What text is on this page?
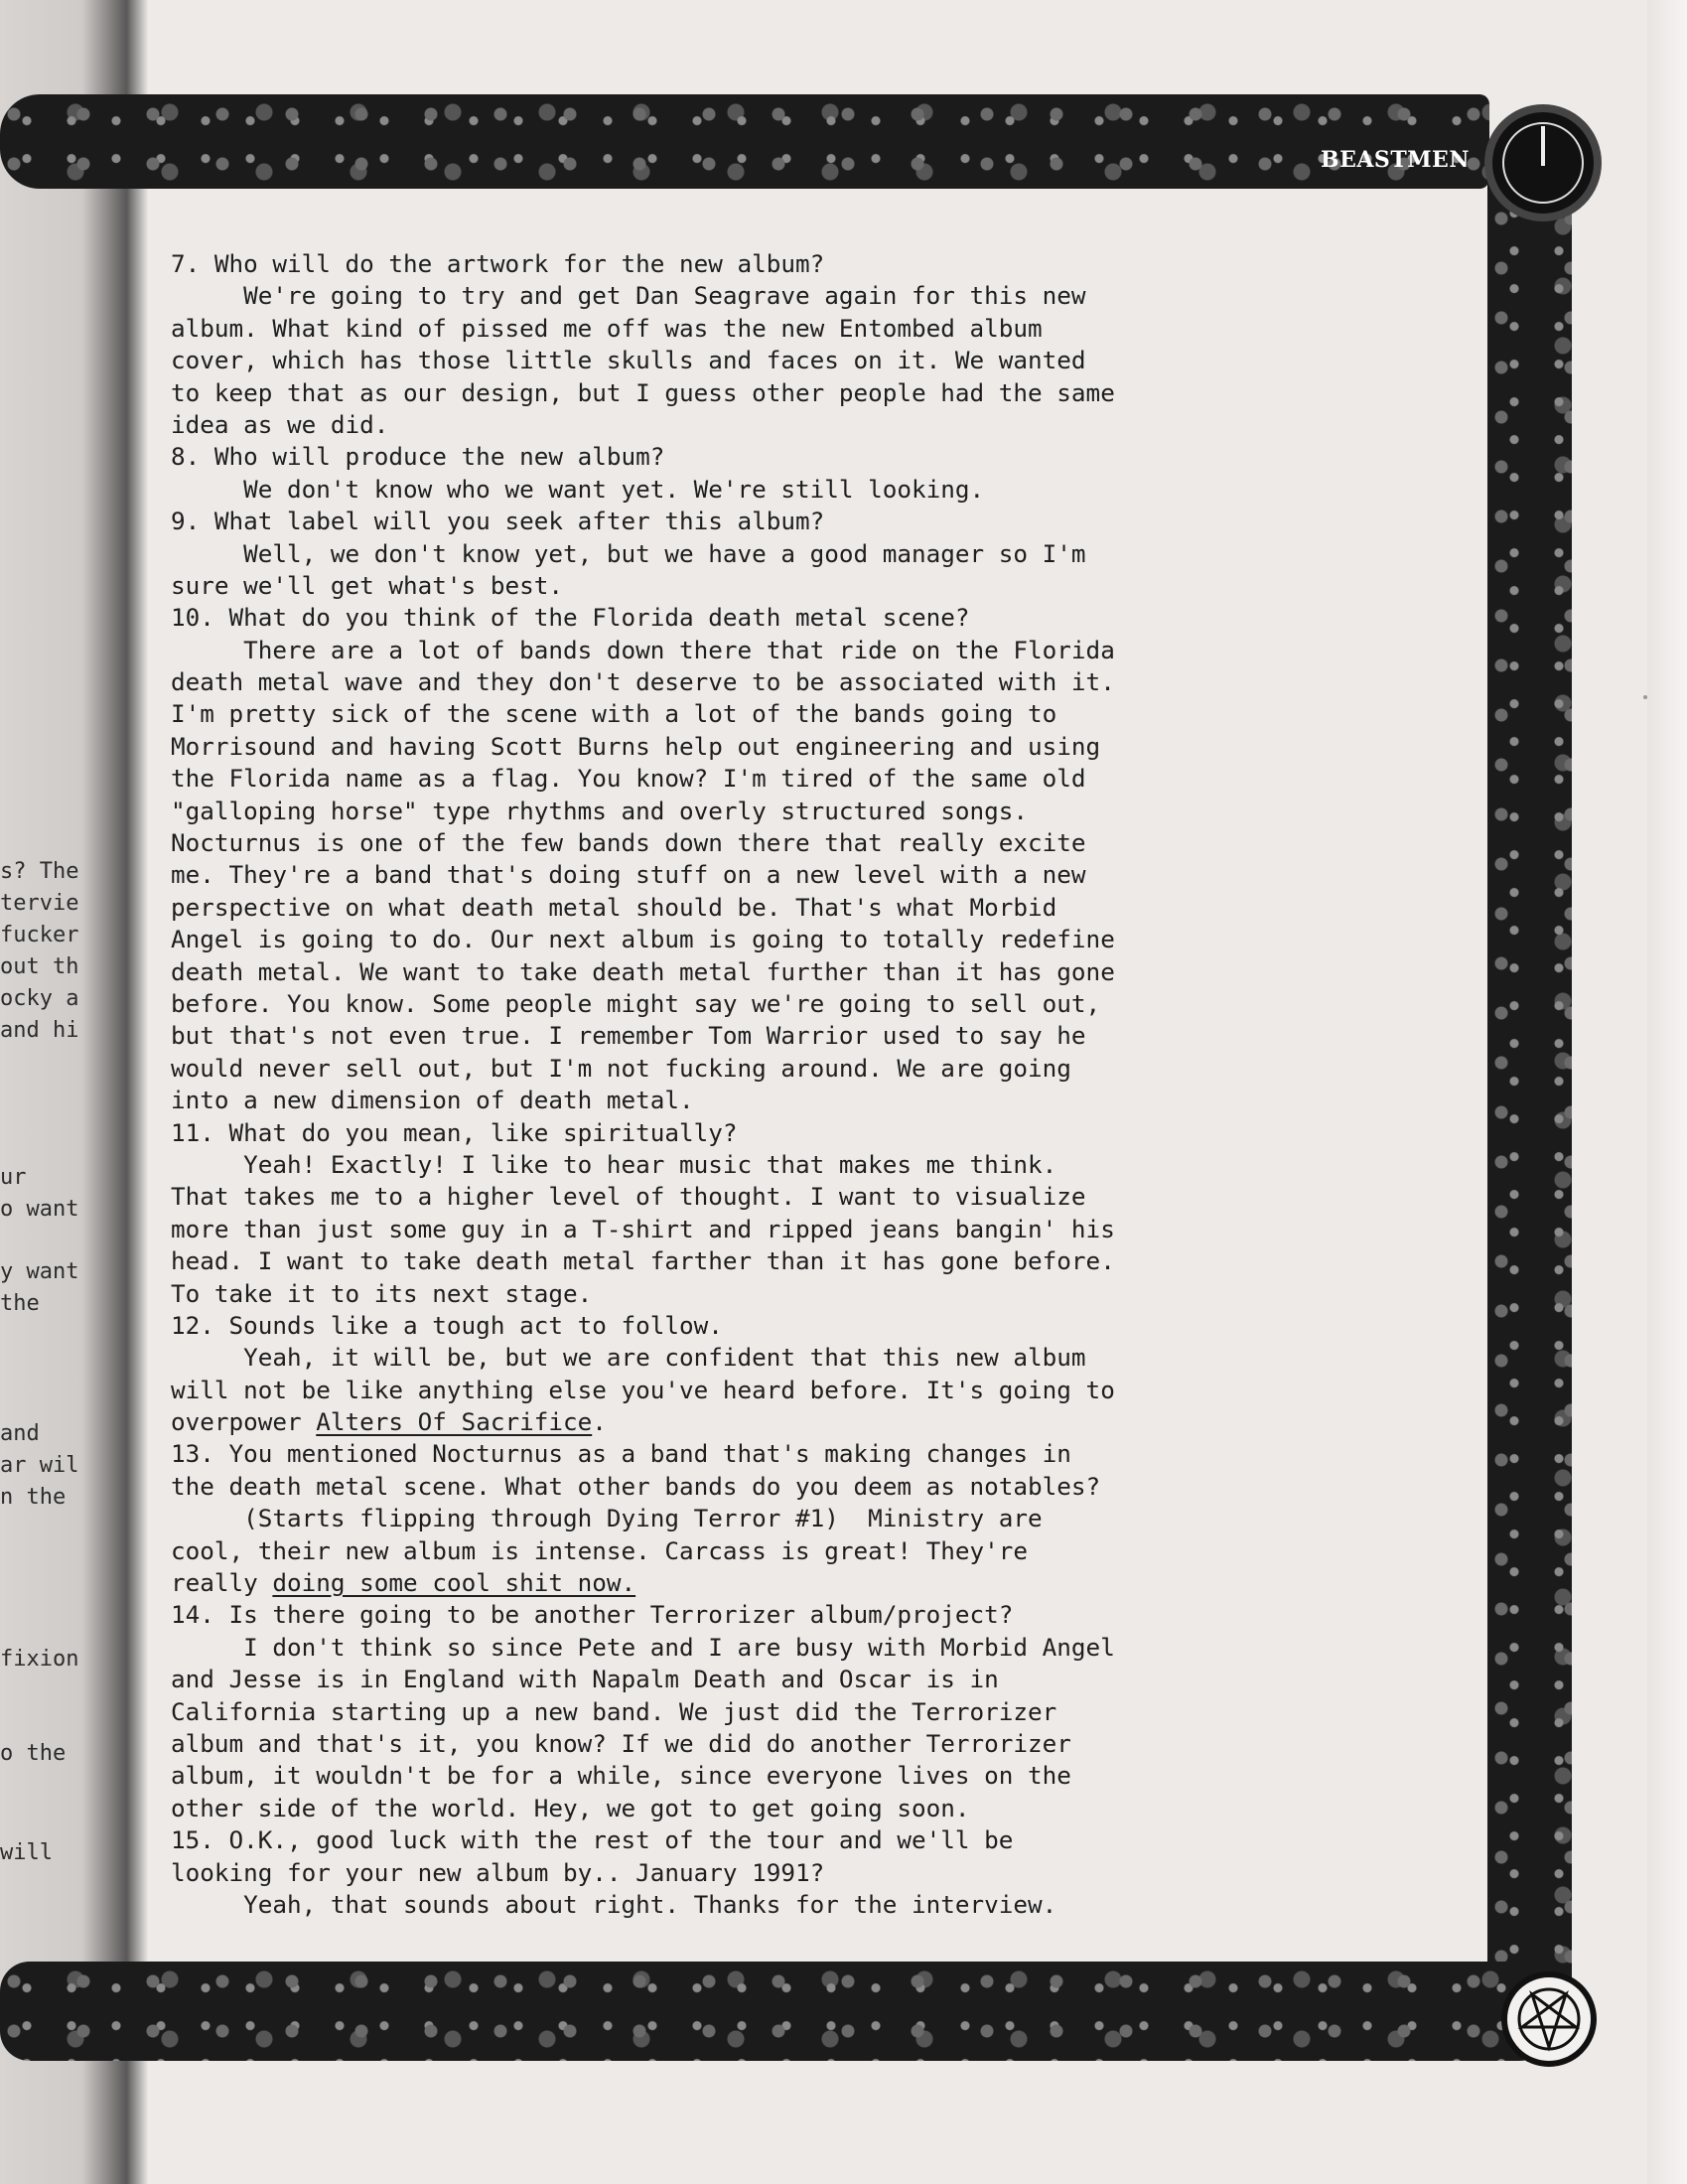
s? The
tervie
fucker
out th
ocky a
and hi
ur
o want
y want
the
and
ar wil
n the
fixion
o the
will
BEASTMEN
7. Who will do the artwork for the new album?
We're going to try and get Dan Seagrave again for this new
album. What kind of pissed me off was the new Entombed album
cover, which has those little skulls and faces on it. We wanted
to keep that as our design, but I guess other people had the same
idea as we did.
8. Who will produce the new album?
We don't know who we want yet. We're still looking.
9. What label will you seek after this album?
Well, we don't know yet, but we have a good manager so I'm
sure we'll get what's best.
10. What do you think of the Florida death metal scene?
There are a lot of bands down there that ride on the Florida
death metal wave and they don't deserve to be associated with it.
I'm pretty sick of the scene with a lot of the bands going to
Morrisound and having Scott Burns help out engineering and using
the Florida name as a flag. You know? I'm tired of the same old
"galloping horse" type rhythms and overly structured songs.
Nocturnus is one of the few bands down there that really excite
me. They're a band that's doing stuff on a new level with a new
perspective on what death metal should be. That's what Morbid
Angel is going to do. Our next album is going to totally redefine
death metal. We want to take death metal further than it has gone
before. You know. Some people might say we're going to sell out,
but that's not even true. I remember Tom Warrior used to say he
would never sell out, but I'm not fucking around. We are going
into a new dimension of death metal.
11. What do you mean, like spiritually?
Yeah! Exactly! I like to hear music that makes me think.
That takes me to a higher level of thought. I want to visualize
more than just some guy in a T-shirt and ripped jeans bangin' his
head. I want to take death metal farther than it has gone before.
To take it to its next stage.
12. Sounds like a tough act to follow.
Yeah, it will be, but we are confident that this new album
will not be like anything else you've heard before. It's going to
overpower Alters Of Sacrifice.
13. You mentioned Nocturnus as a band that's making changes in
the death metal scene. What other bands do you deem as notables?
(Starts flipping through Dying Terror #1)  Ministry are
cool, their new album is intense. Carcass is great! They're
really doing some cool shit now.
14. Is there going to be another Terrorizer album/project?
I don't think so since Pete and I are busy with Morbid Angel
and Jesse is in England with Napalm Death and Oscar is in
California starting up a new band. We just did the Terrorizer
album and that's it, you know? If we did do another Terrorizer
album, it wouldn't be for a while, since everyone lives on the
other side of the world. Hey, we got to get going soon.
15. O.K., good luck with the rest of the tour and we'll be
looking for your new album by.. January 1991?
Yeah, that sounds about right. Thanks for the interview.
